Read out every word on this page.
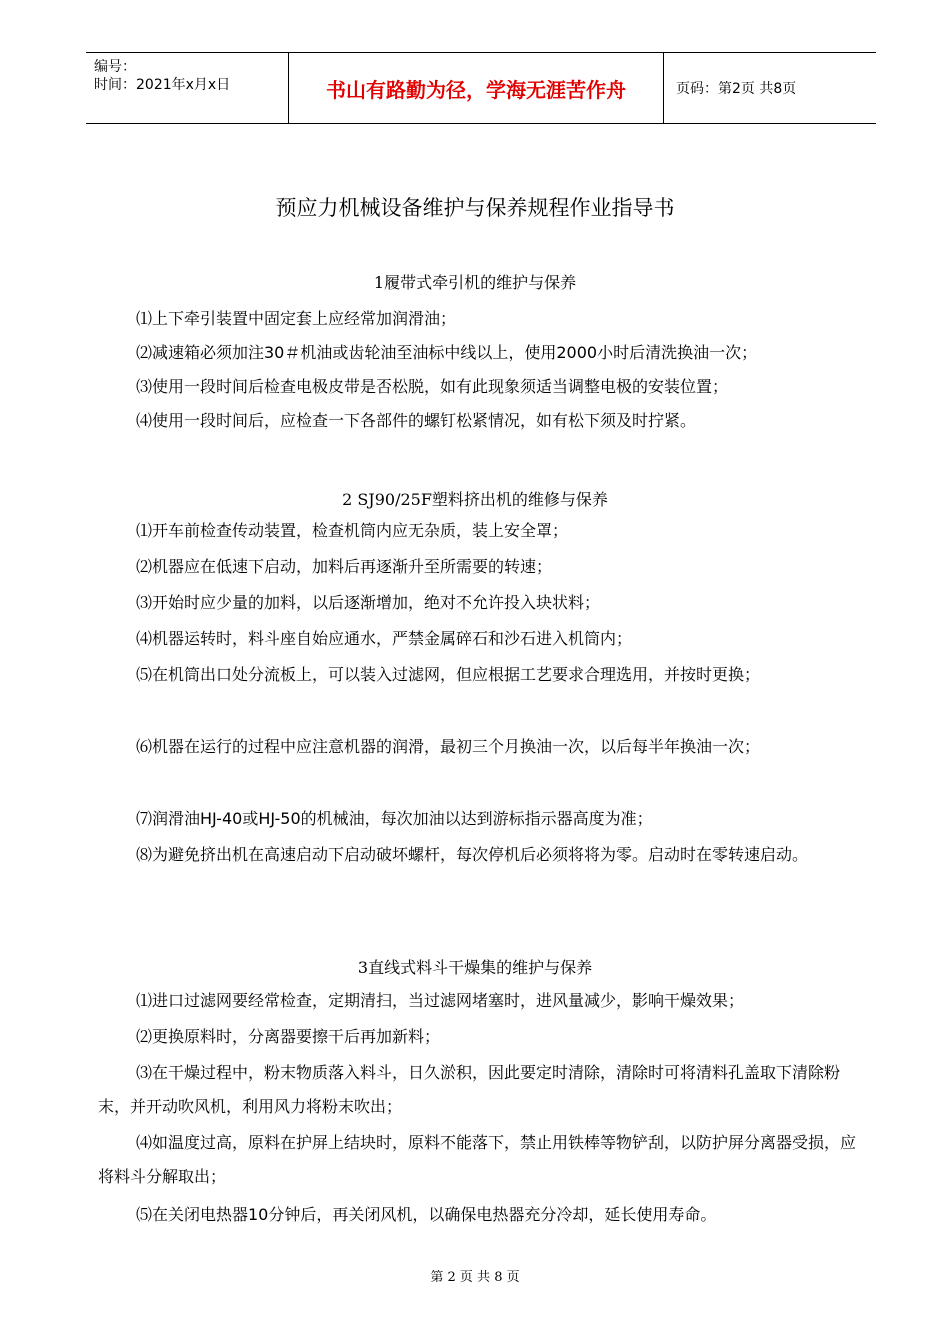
编号：
时间：2021年x月x日	书山有路勤为径，学海无涯苦作舟	页码：第2页 共8页
预应力机械设备维护与保养规程作业指导书
1履带式牵引机的维护与保养
⑴上下牵引装置中固定套上应经常加润滑油；
⑵减速箱必须加注30＃机油或齿轮油至油标中线以上，使用2000小时后清洗换油一次；
⑶使用一段时间后检查电极皮带是否松脱，如有此现象须适当调整电极的安装位置；
⑷使用一段时间后，应检查一下各部件的螺钉松紧情况，如有松下须及时拧紧。
2 SJ90/25F塑料挤出机的维修与保养
⑴开车前检查传动装置，检查机筒内应无杂质，装上安全罩；
⑵机器应在低速下启动，加料后再逐渐升至所需要的转速；
⑶开始时应少量的加料，以后逐渐增加，绝对不允许投入块状料；
⑷机器运转时，料斗座自始应通水，严禁金属碎石和沙石进入机筒内；
⑸在机筒出口处分流板上，可以装入过滤网，但应根据工艺要求合理选用，并按时更换；
⑹机器在运行的过程中应注意机器的润滑，最初三个月换油一次，以后每半年换油一次；
⑺润滑油HJ-40或HJ-50的机械油，每次加油以达到游标指示器高度为准；
⑻为避免挤出机在高速启动下启动破坏螺杆，每次停机后必须将将为零。启动时在零转速启动。
3直线式料斗干燥集的维护与保养
⑴进口过滤网要经常检查，定期清扫，当过滤网堵塞时，进风量减少，影响干燥效果；
⑵更换原料时，分离器要擦干后再加新料；
⑶在干燥过程中，粉末物质落入料斗，日久淤积，因此要定时清除，清除时可将清料孔盖取下清除粉末，并开动吹风机，利用风力将粉末吹出；
⑷如温度过高，原料在护屏上结块时，原料不能落下，禁止用铁棒等物铲刮，以防护屏分离器受损，应将料斗分解取出；
⑸在关闭电热器10分钟后，再关闭风机，以确保电热器充分冷却，延长使用寿命。
第 2 页 共 8 页
